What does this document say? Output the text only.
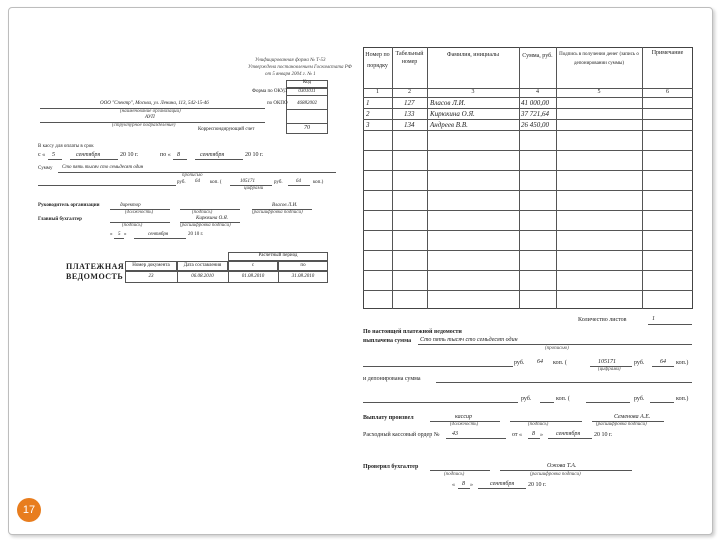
Унифицированная форма № Т-53
Утверждена постановлением Госкомстата РФ
от 5 января 2004 г. № 1
Код
Форма по ОКУД	0301011
ООО "Спектр", Москва, ул. Ленина, 113, 542-15-46	по ОКПО	46882002
(наименование организации)
АУП
(структурное подразделение)
Корреспондирующий счет	70
В кассу для оплаты в срок
с « 5	сентября	20 10 г.	по « 8	сентября	20 10 г.
Сумму Сто пять тысяч сто семьдесят один
прописью
руб. 64 коп. (	105171	руб.	64 коп.)
цифрами
Руководитель организации	директор	Власов Л.И.
(должность)	(подпись)	(расшифровка подписи)
Главный бухгалтер	Кирюхина О.Я.
(подпись)	(расшифровка подписи)
« 5 »	сентября	20 10 г.
ПЛАТЕЖНАЯ
ВЕДОМОСТЬ
Расчетный период
Номер документа	Дата составления	с	по
23	06.08.2010	01.08.2010	31.08.2010
Номер по порядку
Табельный номер
Фамилия, инициалы	Сумма, руб.	Подпись в получении денег (запись о депонировании суммы)
Примечание
1	2	3	4	5	6
1	127 Власов Л.И.	41 000,00
2	133 Кирюхина О.Я.	37 721,64
3	134 Андреев В.В.	26 450,00
Количество листов	1
По настоящей платежной ведомости
выплачена сумма Сто пять тысяч сто семьдесят один
(прописью)
руб. 64 коп. (	105171	руб.	64 коп.)
(цифрами)
и депонирована сумма
руб.	коп. (	руб.	коп.)
Выплату произвел	кассир	Семенова А.Е.
(должность)	(подпись)	(расшифровка подписи)
Расходный кассовый ордер № 43	от « 8 » сентября 20 10 г.
Проверил бухгалтер	Ожова Т.А.
(подпись)	(расшифровка подписи)
« 8 »	сентября 20 10 г.
17
